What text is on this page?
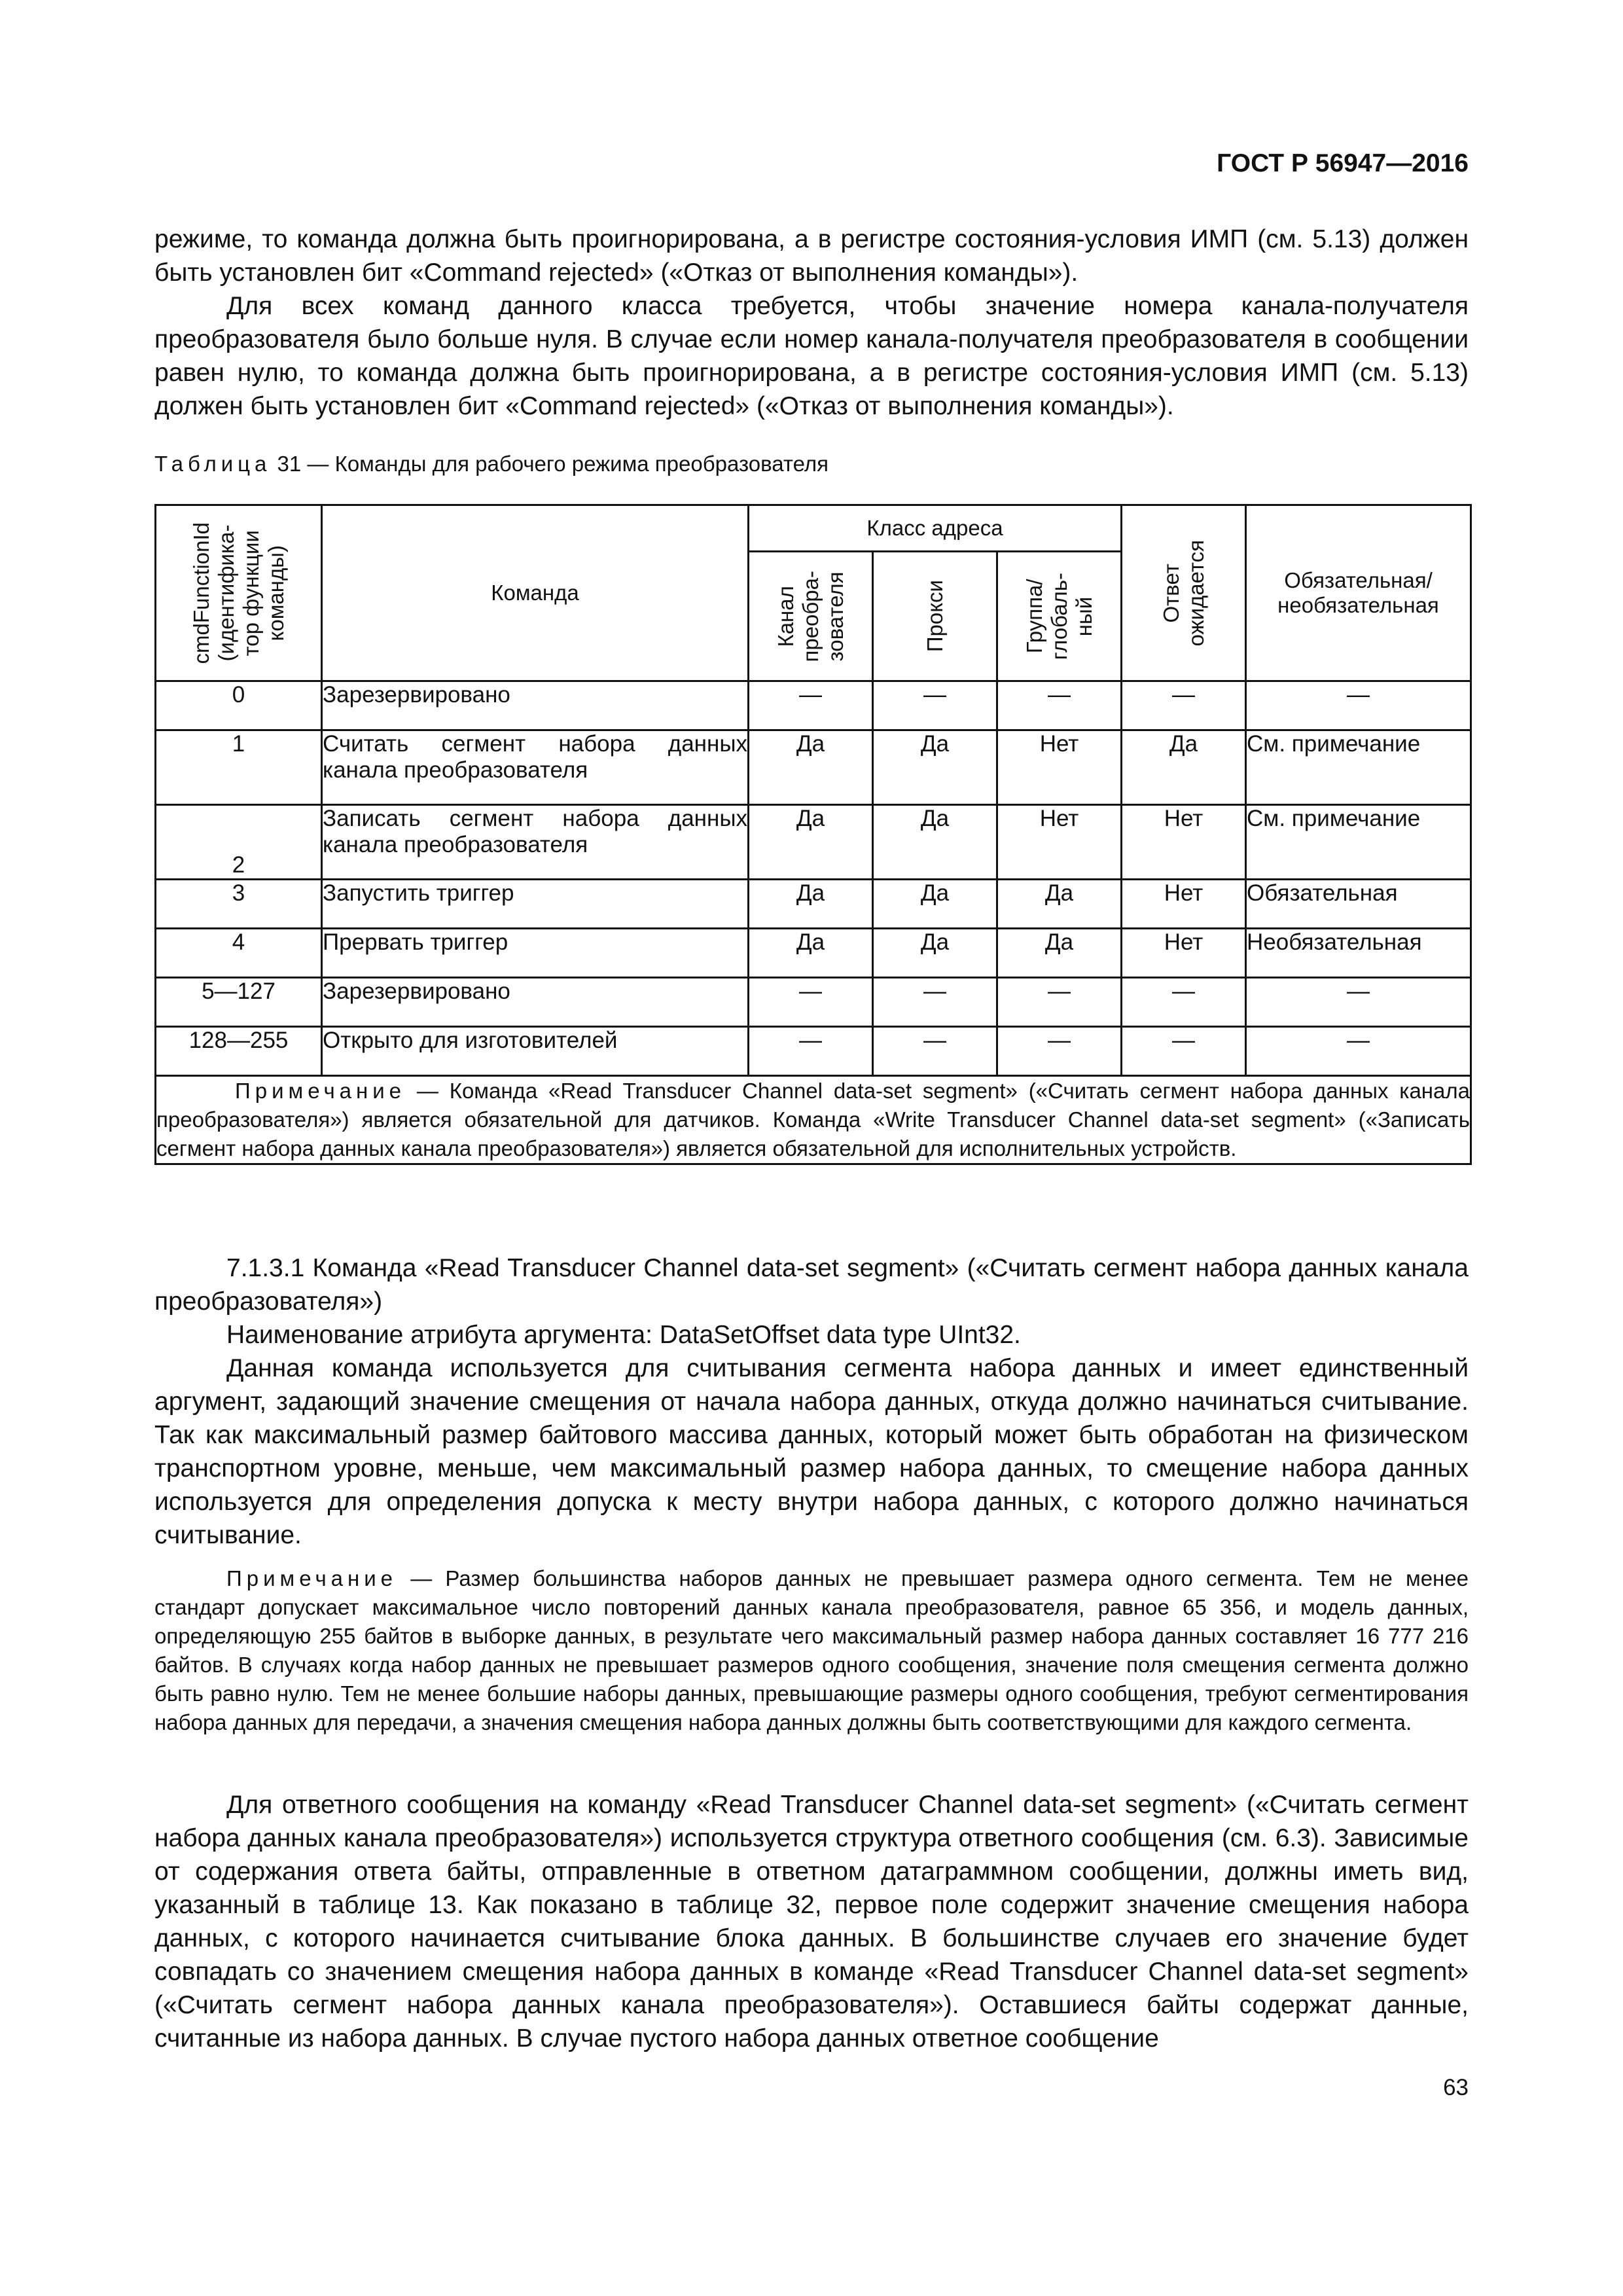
ГОСТ Р 56947—2016

режиме, то команда должна быть проигнорирована, а в регистре состояния-условия ИМП (см. 5.13) должен быть установлен бит «Command rejected» («Отказ от выполнения команды»).

Для всех команд данного класса требуется, чтобы значение номера канала-получателя преобразователя было больше нуля. В случае если номер канала-получателя преобразователя в сообщении равен нулю, то команда должна быть проигнорирована, а в регистре состояния-условия ИМП (см. 5.13) должен быть установлен бит «Command rejected» («Отказ от выполнения команды»).

Таблица 31 — Команды для рабочего режима преобразователя
cmdFunctionId
(идентифика-
тор функции
команды)	Команда	Класс адреса			Ответ
ожидается	Обязательная/
необязательная

		Канал
преобра-
зователя	Прокси	Группа/
глобаль-
ный		

0	Зарезервировано	—	—	—	—	—
1	Считать сегмент набора данных канала преобразователя	Да	Да	Нет	Да	См. примечание
2	Записать сегмент набора данных канала преобразователя	Да	Да	Нет	Нет	См. примечание
3	Запустить триггер	Да	Да	Да	Нет	Обязательная
4	Прервать триггер	Да	Да	Да	Нет	Необязательная
5—127	Зарезервировано	—	—	—	—	—
128—255	Открыто для изготовителей	—	—	—	—	—

Примечание — Команда «Read Transducer Channel data-set segment» («Считать сегмент набора данных канала преобразователя») является обязательной для датчиков. Команда «Write Transducer Channel data-set segment» («Записать сегмент набора данных канала преобразователя») является обязательной для исполнительных устройств.						

7.1.3.1 Команда «Read Transducer Channel data-set segment» («Считать сегмент набора данных канала преобразователя»)

Наименование атрибута аргумента: DataSetOffset data type UInt32.

Данная команда используется для считывания сегмента набора данных и имеет единственный аргумент, задающий значение смещения от начала набора данных, откуда должно начинаться считывание. Так как максимальный размер байтового массива данных, который может быть обработан на физическом транспортном уровне, меньше, чем максимальный размер набора данных, то смещение набора данных используется для определения допуска к месту внутри набора данных, с которого должно начинаться считывание.

Примечание — Размер большинства наборов данных не превышает размера одного сегмента. Тем не менее стандарт допускает максимальное число повторений данных канала преобразователя, равное 65 356, и модель данных, определяющую 255 байтов в выборке данных, в результате чего максимальный размер набора данных составляет 16 777 216 байтов. В случаях когда набор данных не превышает размеров одного сообщения, значение поля смещения сегмента должно быть равно нулю. Тем не менее большие наборы данных, превышающие размеры одного сообщения, требуют сегментирования набора данных для передачи, а значения смещения набора данных должны быть соответствующими для каждого сегмента.

Для ответного сообщения на команду «Read Transducer Channel data-set segment» («Считать сегмент набора данных канала преобразователя») используется структура ответного сообщения (см. 6.3). Зависимые от содержания ответа байты, отправленные в ответном датаграммном сообщении, должны иметь вид, указанный в таблице 13. Как показано в таблице 32, первое поле содержит значение смещения набора данных, с которого начинается считывание блока данных. В большинстве случаев его значение будет совпадать со значением смещения набора данных в команде «Read Transducer Channel data-set segment» («Считать сегмент набора данных канала преобразователя»). Оставшиеся байты содержат данные, считанные из набора данных. В случае пустого набора данных ответное сообщение

63
